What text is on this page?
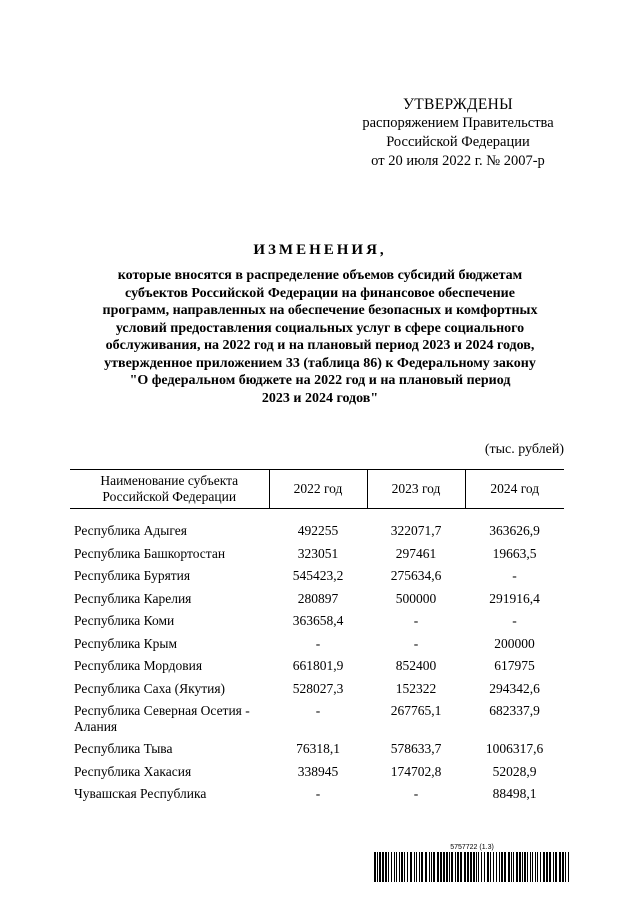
УТВЕРЖДЕНЫ
распоряжением Правительства
Российской Федерации
от 20 июля 2022 г. № 2007-р
ИЗМЕНЕНИЯ,
которые вносятся в распределение объемов субсидий бюджетам
субъектов Российской Федерации на финансовое обеспечение
программ, направленных на обеспечение безопасных и комфортных
условий предоставления социальных услуг в сфере социального
обслуживания, на 2022 год и на плановый период 2023 и 2024 годов,
утвержденное приложением 33 (таблица 86) к Федеральному закону
"О федеральном бюджете на 2022 год и на плановый период
2023 и 2024 годов"
(тыс. рублей)
Наименование субъекта
Российской Федерации	2022 год	2023 год	2024 год

Республика Адыгея	492255	322071,7	363626,9

Республика Башкортостан	323051	297461	19663,5

Республика Бурятия	545423,2	275634,6	-

Республика Карелия	280897	500000	291916,4

Республика Коми	363658,4	-	-

Республика Крым	-	-	200000

Республика Мордовия	661801,9	852400	617975

Республика Саха (Якутия)	528027,3	152322	294342,6

Республика Северная Осетия -
Алания	-	267765,1	682337,9

Республика Тыва	76318,1	578633,7	1006317,6

Республика Хакасия	338945	174702,8	52028,9

Чувашская Республика	-	-	88498,1
5757722 (1.3)
